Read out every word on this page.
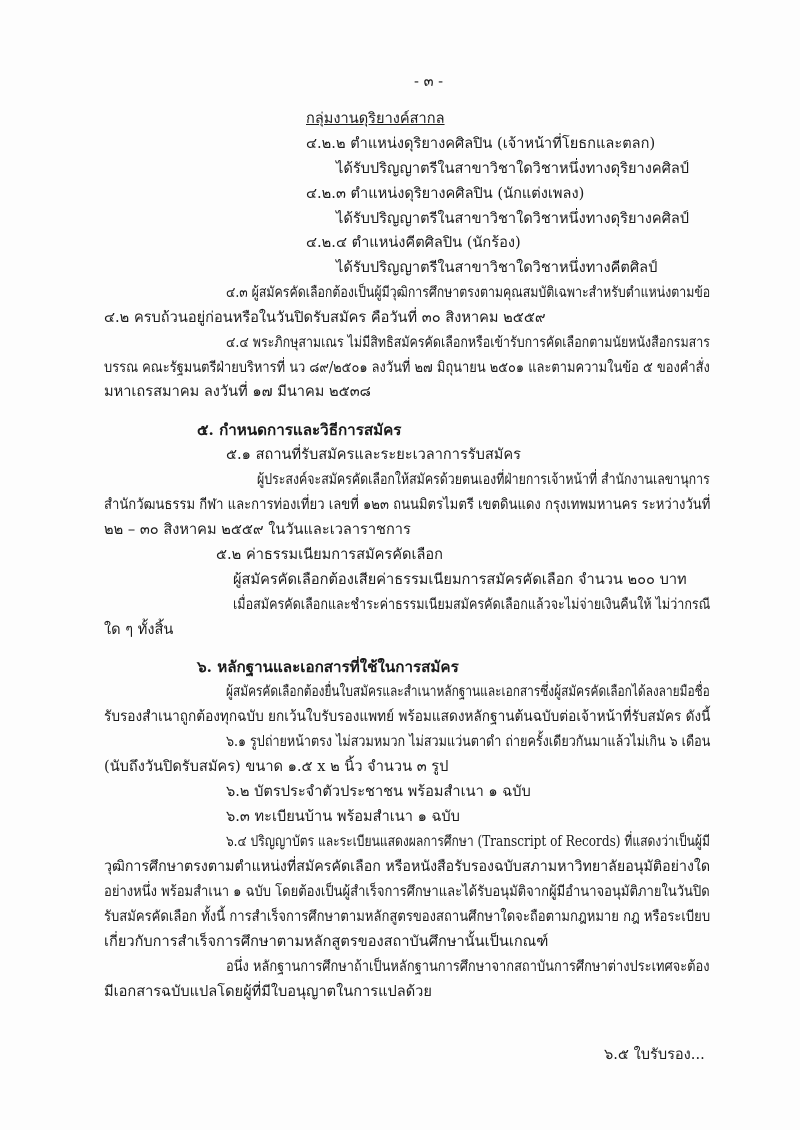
- ๓ -
กลุ่มงานดุริยางค์สากล
๔.๒.๒ ตำแหน่งดุริยางคศิลปิน (เจ้าหน้าที่โยธกและตลก)
ได้รับปริญญาตรีในสาขาวิชาใดวิชาหนึ่งทางดุริยางคศิลป์
๔.๒.๓ ตำแหน่งดุริยางคศิลปิน (นักแต่งเพลง)
ได้รับปริญญาตรีในสาขาวิชาใดวิชาหนึ่งทางดุริยางคศิลป์
๔.๒.๔ ตำแหน่งคีตศิลปิน (นักร้อง)
ได้รับปริญญาตรีในสาขาวิชาใดวิชาหนึ่งทางคีตศิลป์
๔.๓ ผู้สมัครคัดเลือกต้องเป็นผู้มีวุฒิการศึกษาตรงตามคุณสมบัติเฉพาะสำหรับตำแหน่งตามข้อ
๔.๒ ครบถ้วนอยู่ก่อนหรือในวันปิดรับสมัคร คือวันที่ ๓๐ สิงหาคม ๒๕๕๙
๔.๔ พระภิกษุสามเณร ไม่มีสิทธิสมัครคัดเลือกหรือเข้ารับการคัดเลือกตามนัยหนังสือกรมสาร
บรรณ คณะรัฐมนตรีฝ่ายบริหารที่ นว ๘๙/๒๕๐๑ ลงวันที่ ๒๗ มิถุนายน ๒๕๐๑ และตามความในข้อ ๕ ของคำสั่ง
มหาเถรสมาคม ลงวันที่ ๑๗ มีนาคม ๒๕๓๘
๕. กำหนดการและวิธีการสมัคร
๕.๑ สถานที่รับสมัครและระยะเวลาการรับสมัคร
ผู้ประสงค์จะสมัครคัดเลือกให้สมัครด้วยตนเองที่ฝ่ายการเจ้าหน้าที่ สำนักงานเลขานุการ
สำนักวัฒนธรรม กีฬา และการท่องเที่ยว เลขที่ ๑๒๓ ถนนมิตรไมตรี เขตดินแดง กรุงเทพมหานคร ระหว่างวันที่
๒๒ – ๓๐ สิงหาคม ๒๕๕๙ ในวันและเวลาราชการ
๕.๒ ค่าธรรมเนียมการสมัครคัดเลือก
ผู้สมัครคัดเลือกต้องเสียค่าธรรมเนียมการสมัครคัดเลือก จำนวน ๒๐๐ บาท
เมื่อสมัครคัดเลือกและชำระค่าธรรมเนียมสมัครคัดเลือกแล้วจะไม่จ่ายเงินคืนให้ ไม่ว่ากรณี
ใด ๆ ทั้งสิ้น
๖. หลักฐานและเอกสารที่ใช้ในการสมัคร
ผู้สมัครคัดเลือกต้องยื่นใบสมัครและสำเนาหลักฐานและเอกสารซึ่งผู้สมัครคัดเลือกได้ลงลายมือชื่อ
รับรองสำเนาถูกต้องทุกฉบับ ยกเว้นใบรับรองแพทย์ พร้อมแสดงหลักฐานต้นฉบับต่อเจ้าหน้าที่รับสมัคร ดังนี้
๖.๑ รูปถ่ายหน้าตรง ไม่สวมหมวก ไม่สวมแว่นตาดำ ถ่ายครั้งเดียวกันมาแล้วไม่เกิน ๖ เดือน
(นับถึงวันปิดรับสมัคร) ขนาด ๑.๕ x ๒ นิ้ว จำนวน ๓ รูป
๖.๒ บัตรประจำตัวประชาชน พร้อมสำเนา ๑ ฉบับ
๖.๓ ทะเบียนบ้าน พร้อมสำเนา ๑ ฉบับ
๖.๔ ปริญญาบัตร และระเบียนแสดงผลการศึกษา (Transcript of Records) ที่แสดงว่าเป็นผู้มี
วุฒิการศึกษาตรงตามตำแหน่งที่สมัครคัดเลือก หรือหนังสือรับรองฉบับสภามหาวิทยาลัยอนุมัติอย่างใด
อย่างหนึ่ง พร้อมสำเนา ๑ ฉบับ โดยต้องเป็นผู้สำเร็จการศึกษาและได้รับอนุมัติจากผู้มีอำนาจอนุมัติภายในวันปิด
รับสมัครคัดเลือก ทั้งนี้ การสำเร็จการศึกษาตามหลักสูตรของสถานศึกษาใดจะถือตามกฎหมาย กฎ หรือระเบียบ
เกี่ยวกับการสำเร็จการศึกษาตามหลักสูตรของสถาบันศึกษานั้นเป็นเกณฑ์
อนึ่ง หลักฐานการศึกษาถ้าเป็นหลักฐานการศึกษาจากสถาบันการศึกษาต่างประเทศจะต้อง
มีเอกสารฉบับแปลโดยผู้ที่มีใบอนุญาตในการแปลด้วย
๖.๕ ใบรับรอง...
